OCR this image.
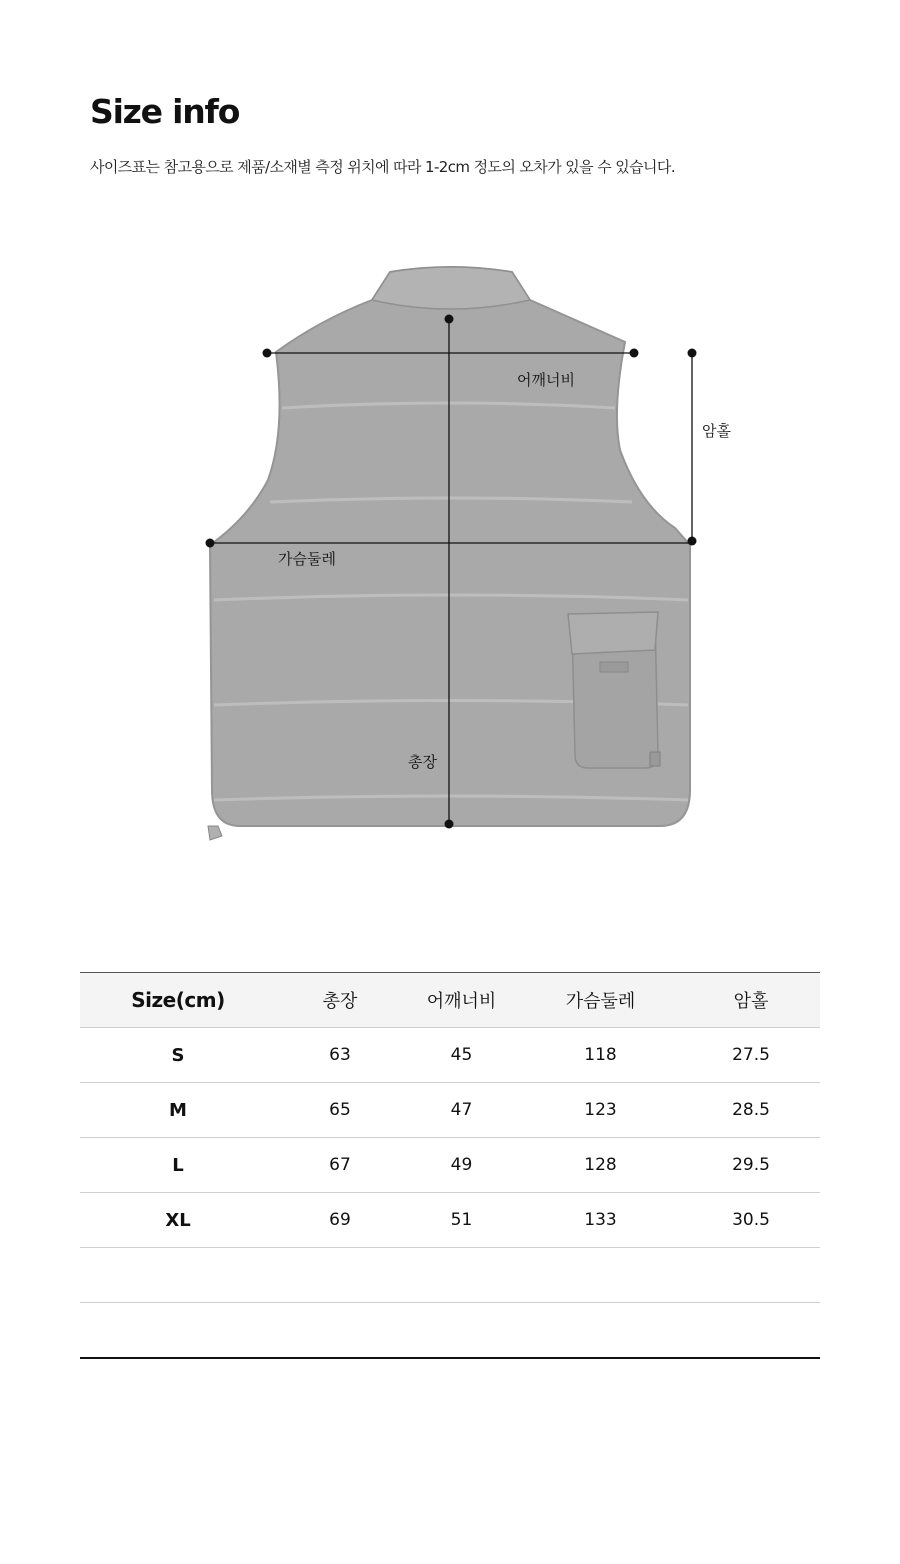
Size info

사이즈표는 참고용으로 제품/소재별 측정 위치에 따라 1-2cm 정도의 오차가 있을 수 있습니다.

어깨너비
암홀
가슴둘레
총장
Size(cm)	총장	어깨너비	가슴둘레	암홀
S	63	45	118	27.5
M	65	47	123	28.5
L	67	49	128	29.5
XL	69	51	133	30.5
